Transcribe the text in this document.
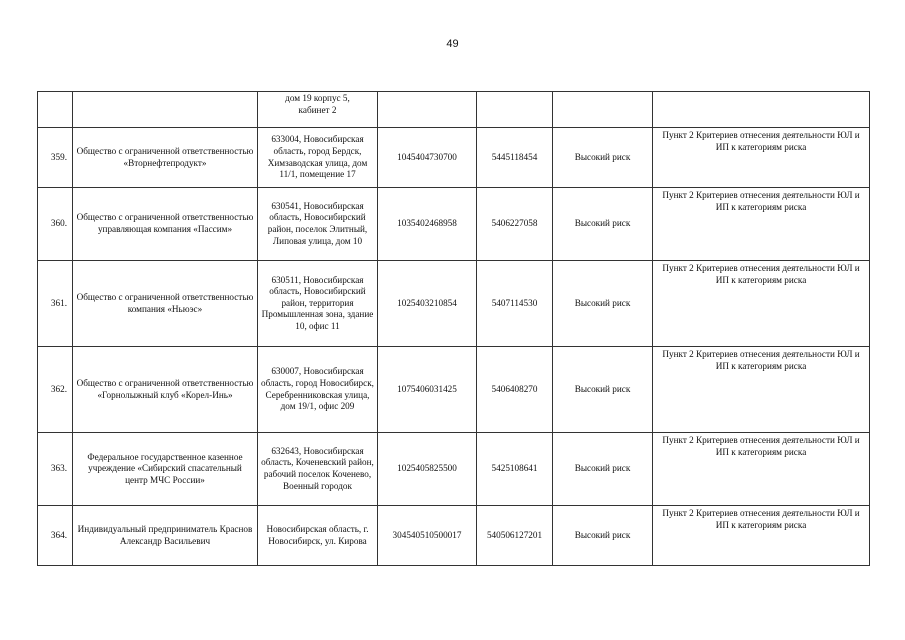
49
		дом 19 корпус 5,
кабинет 2				
359.	Общество с ограниченной ответственностью «Вторнефтепродукт»	633004, Новосибирская область, город Бердск, Химзаводская улица, дом 11/1, помещение 17	1045404730700	5445118454	Высокий риск	Пункт 2 Критериев отнесения деятельности ЮЛ и ИП к категориям риска
360.	Общество с ограниченной ответственностью управляющая компания «Пассим»	630541, Новосибирская область, Новосибирский район, поселок Элитный, Липовая улица, дом 10	1035402468958	5406227058	Высокий риск	Пункт 2 Критериев отнесения деятельности ЮЛ и ИП к категориям риска
361.	Общество с ограниченной ответственностью компания «Ньюэс»	630511, Новосибирская область, Новосибирский район, территория Промышленная зона, здание 10, офис 11	1025403210854	5407114530	Высокий риск	Пункт 2 Критериев отнесения деятельности ЮЛ и ИП к категориям риска
362.	Общество с ограниченной ответственностью «Горнолыжный клуб «Корел-Инь»	630007, Новосибирская область, город Новосибирск, Серебренниковская улица, дом 19/1, офис 209	1075406031425	5406408270	Высокий риск	Пункт 2 Критериев отнесения деятельности ЮЛ и ИП к категориям риска
363.	Федеральное государственное казенное учреждение «Сибирский спасательный центр МЧС России»	632643, Новосибирская область, Коченевский район, рабочий поселок Коченево, Военный городок	1025405825500	5425108641	Высокий риск	Пункт 2 Критериев отнесения деятельности ЮЛ и ИП к категориям риска
364.	Индивидуальный предприниматель Краснов Александр Васильевич	Новосибирская область, г. Новосибирск, ул. Кирова	304540510500017	540506127201	Высокий риск	Пункт 2 Критериев отнесения деятельности ЮЛ и ИП к категориям риска
